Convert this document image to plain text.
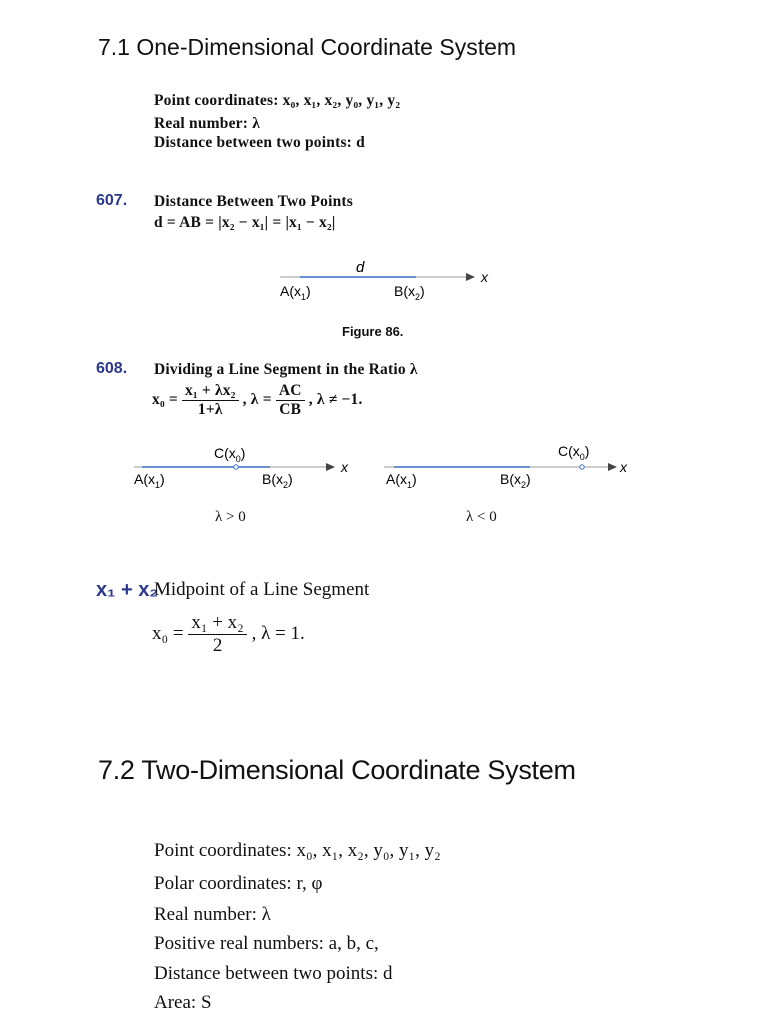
7.1 One-Dimensional Coordinate System
Point coordinates: x₀, x₁, x₂, y₀, y₁, y₂
Real number: λ
Distance between two points: d
607. Distance Between Two Points
d = AB = |x₂ − x₁| = |x₁ − x₂|
d
x
$A(x_1)$	$B(x_2)$
Figure 86.
608. Dividing a Line Segment in the Ratio λ
$x_0 = \frac{\text{x₁ + λx₂}}{1+\lambda}$ , $\lambda = \frac{AC}{CB}$ , λ ≠ −1.
$C(x_0)$
x
$A(x_1)$	$B(x_2)$
λ > 0
$C(x_0)$
x
$A(x_1)$	$B(x_2)$
λ < 0
x₁ + x₂
Midpoint of a Line Segment
$x_0 = \frac{\text{x₁ + x₂}}{2}$ , λ = 1.
7.2 Two-Dimensional Coordinate System
Point coordinates: x₀, x₁, x₂, y₀, y₁, y₂
Polar coordinates: r, φ
Real number: λ
Positive real numbers: a, b, c,
Distance between two points: d
Area: S
